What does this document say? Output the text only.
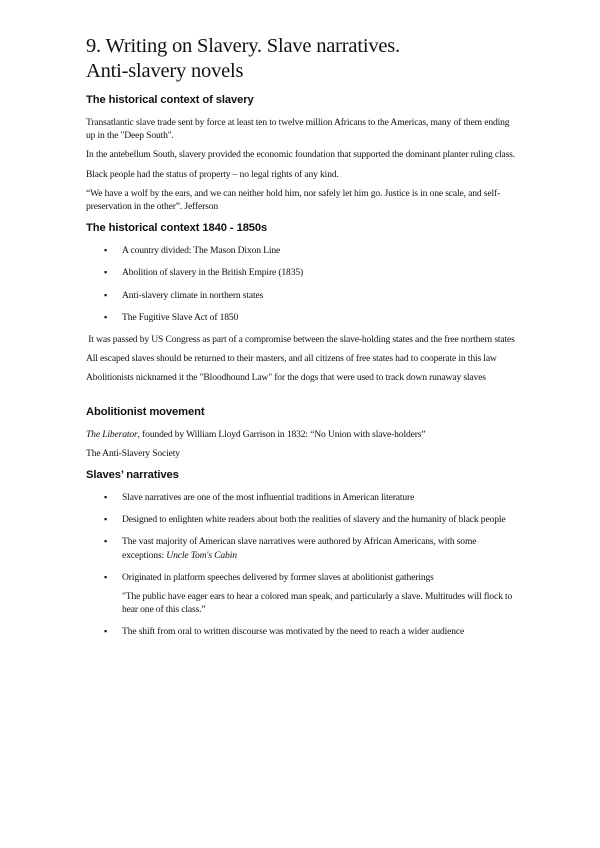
9. Writing on Slavery. Slave narratives.
Anti-slavery novels
The historical context of slavery

Transatlantic slave trade sent by force at least ten to twelve million Africans to the Americas, many of them ending up in the "Deep South".

In the antebellum South, slavery provided the economic foundation that supported the dominant planter ruling class.

Black people had the status of property – no legal rights of any kind.

“We have a wolf by the ears, and we can neither hold him, nor safely let him go. Justice is in one scale, and self-preservation in the other”. Jefferson

The historical context 1840 - 1850s
▪ A country divided: The Mason Dixon Line
▪ Abolition of slavery in the British Empire (1835)
▪ Anti-slavery climate in northern states
▪ The Fugitive Slave Act of 1850

It was passed by US Congress as part of a compromise between the slave-holding states and the free northern states

All escaped slaves should be returned to their masters, and all citizens of free states had to cooperate in this law

Abolitionists nicknamed it the "Bloodhound Law" for the dogs that were used to track down runaway slaves

Abolitionist movement

The Liberator, founded by William Lloyd Garrison in 1832: “No Union with slave-holders”

The Anti-Slavery Society

Slaves’ narratives
▪ Slave narratives are one of the most influential traditions in American literature
▪ Designed to enlighten white readers about both the realities of slavery and the humanity of black people
▪ The vast majority of American slave narratives were authored by African Americans, with some exceptions: Uncle Tom's Cabin
▪ Originated in platform speeches delivered by former slaves at abolitionist gatherings

"The public have eager ears to hear a colored man speak, and particularly a slave. Multitudes will flock to hear one of this class.”

▪ The shift from oral to written discourse was motivated by the need to reach a wider audience
